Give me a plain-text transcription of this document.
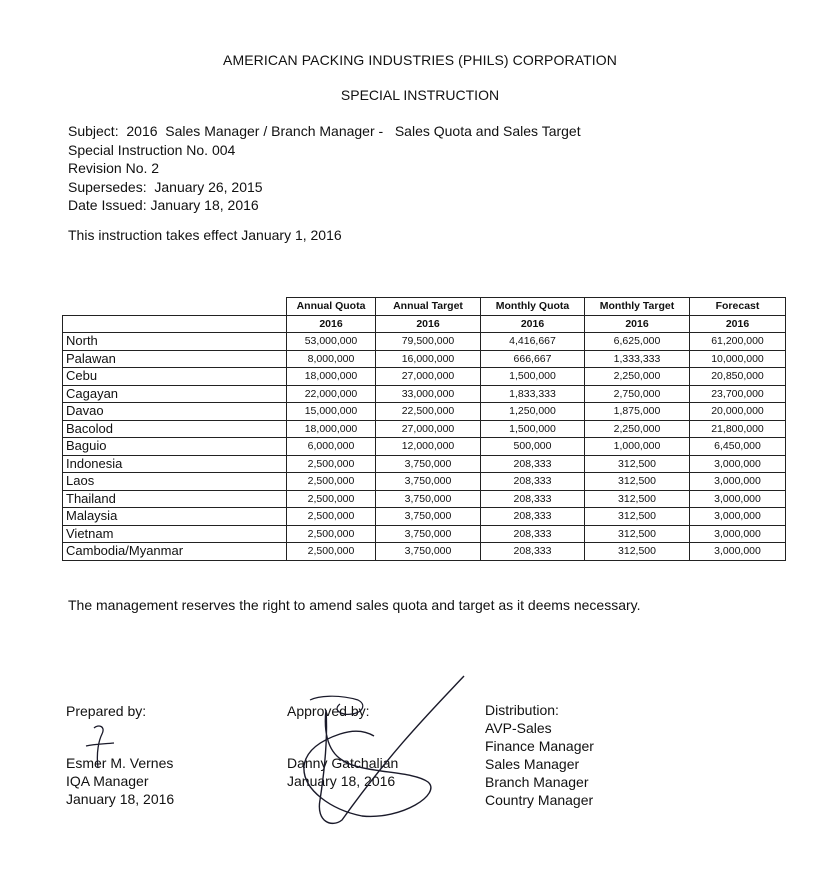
AMERICAN PACKING INDUSTRIES (PHILS) CORPORATION
SPECIAL INSTRUCTION
Subject:  2016  Sales Manager / Branch Manager -   Sales Quota and Sales Target
Special Instruction No. 004
Revision No. 2
Supersedes:  January 26, 2015
Date Issued: January 18, 2016
This instruction takes effect January 1, 2016
	Annual Quota	Annual Target	Monthly Quota	Monthly Target	Forecast
	2016	2016	2016	2016	2016
North	53,000,000	79,500,000	4,416,667	6,625,000	61,200,000
Palawan	8,000,000	16,000,000	666,667	1,333,333	10,000,000
Cebu	18,000,000	27,000,000	1,500,000	2,250,000	20,850,000
Cagayan	22,000,000	33,000,000	1,833,333	2,750,000	23,700,000
Davao	15,000,000	22,500,000	1,250,000	1,875,000	20,000,000
Bacolod	18,000,000	27,000,000	1,500,000	2,250,000	21,800,000
Baguio	6,000,000	12,000,000	500,000	1,000,000	6,450,000
Indonesia	2,500,000	3,750,000	208,333	312,500	3,000,000
Laos	2,500,000	3,750,000	208,333	312,500	3,000,000
Thailand	2,500,000	3,750,000	208,333	312,500	3,000,000
Malaysia	2,500,000	3,750,000	208,333	312,500	3,000,000
Vietnam	2,500,000	3,750,000	208,333	312,500	3,000,000
Cambodia/Myanmar	2,500,000	3,750,000	208,333	312,500	3,000,000
The management reserves the right to amend sales quota and target as it deems necessary.
Prepared by:
Esmer M. Vernes
IQA Manager
January 18, 2016
Approved by:
Danny Gatchalian
January 18, 2016
Distribution:
AVP-Sales
Finance Manager
Sales Manager
Branch Manager
Country Manager
